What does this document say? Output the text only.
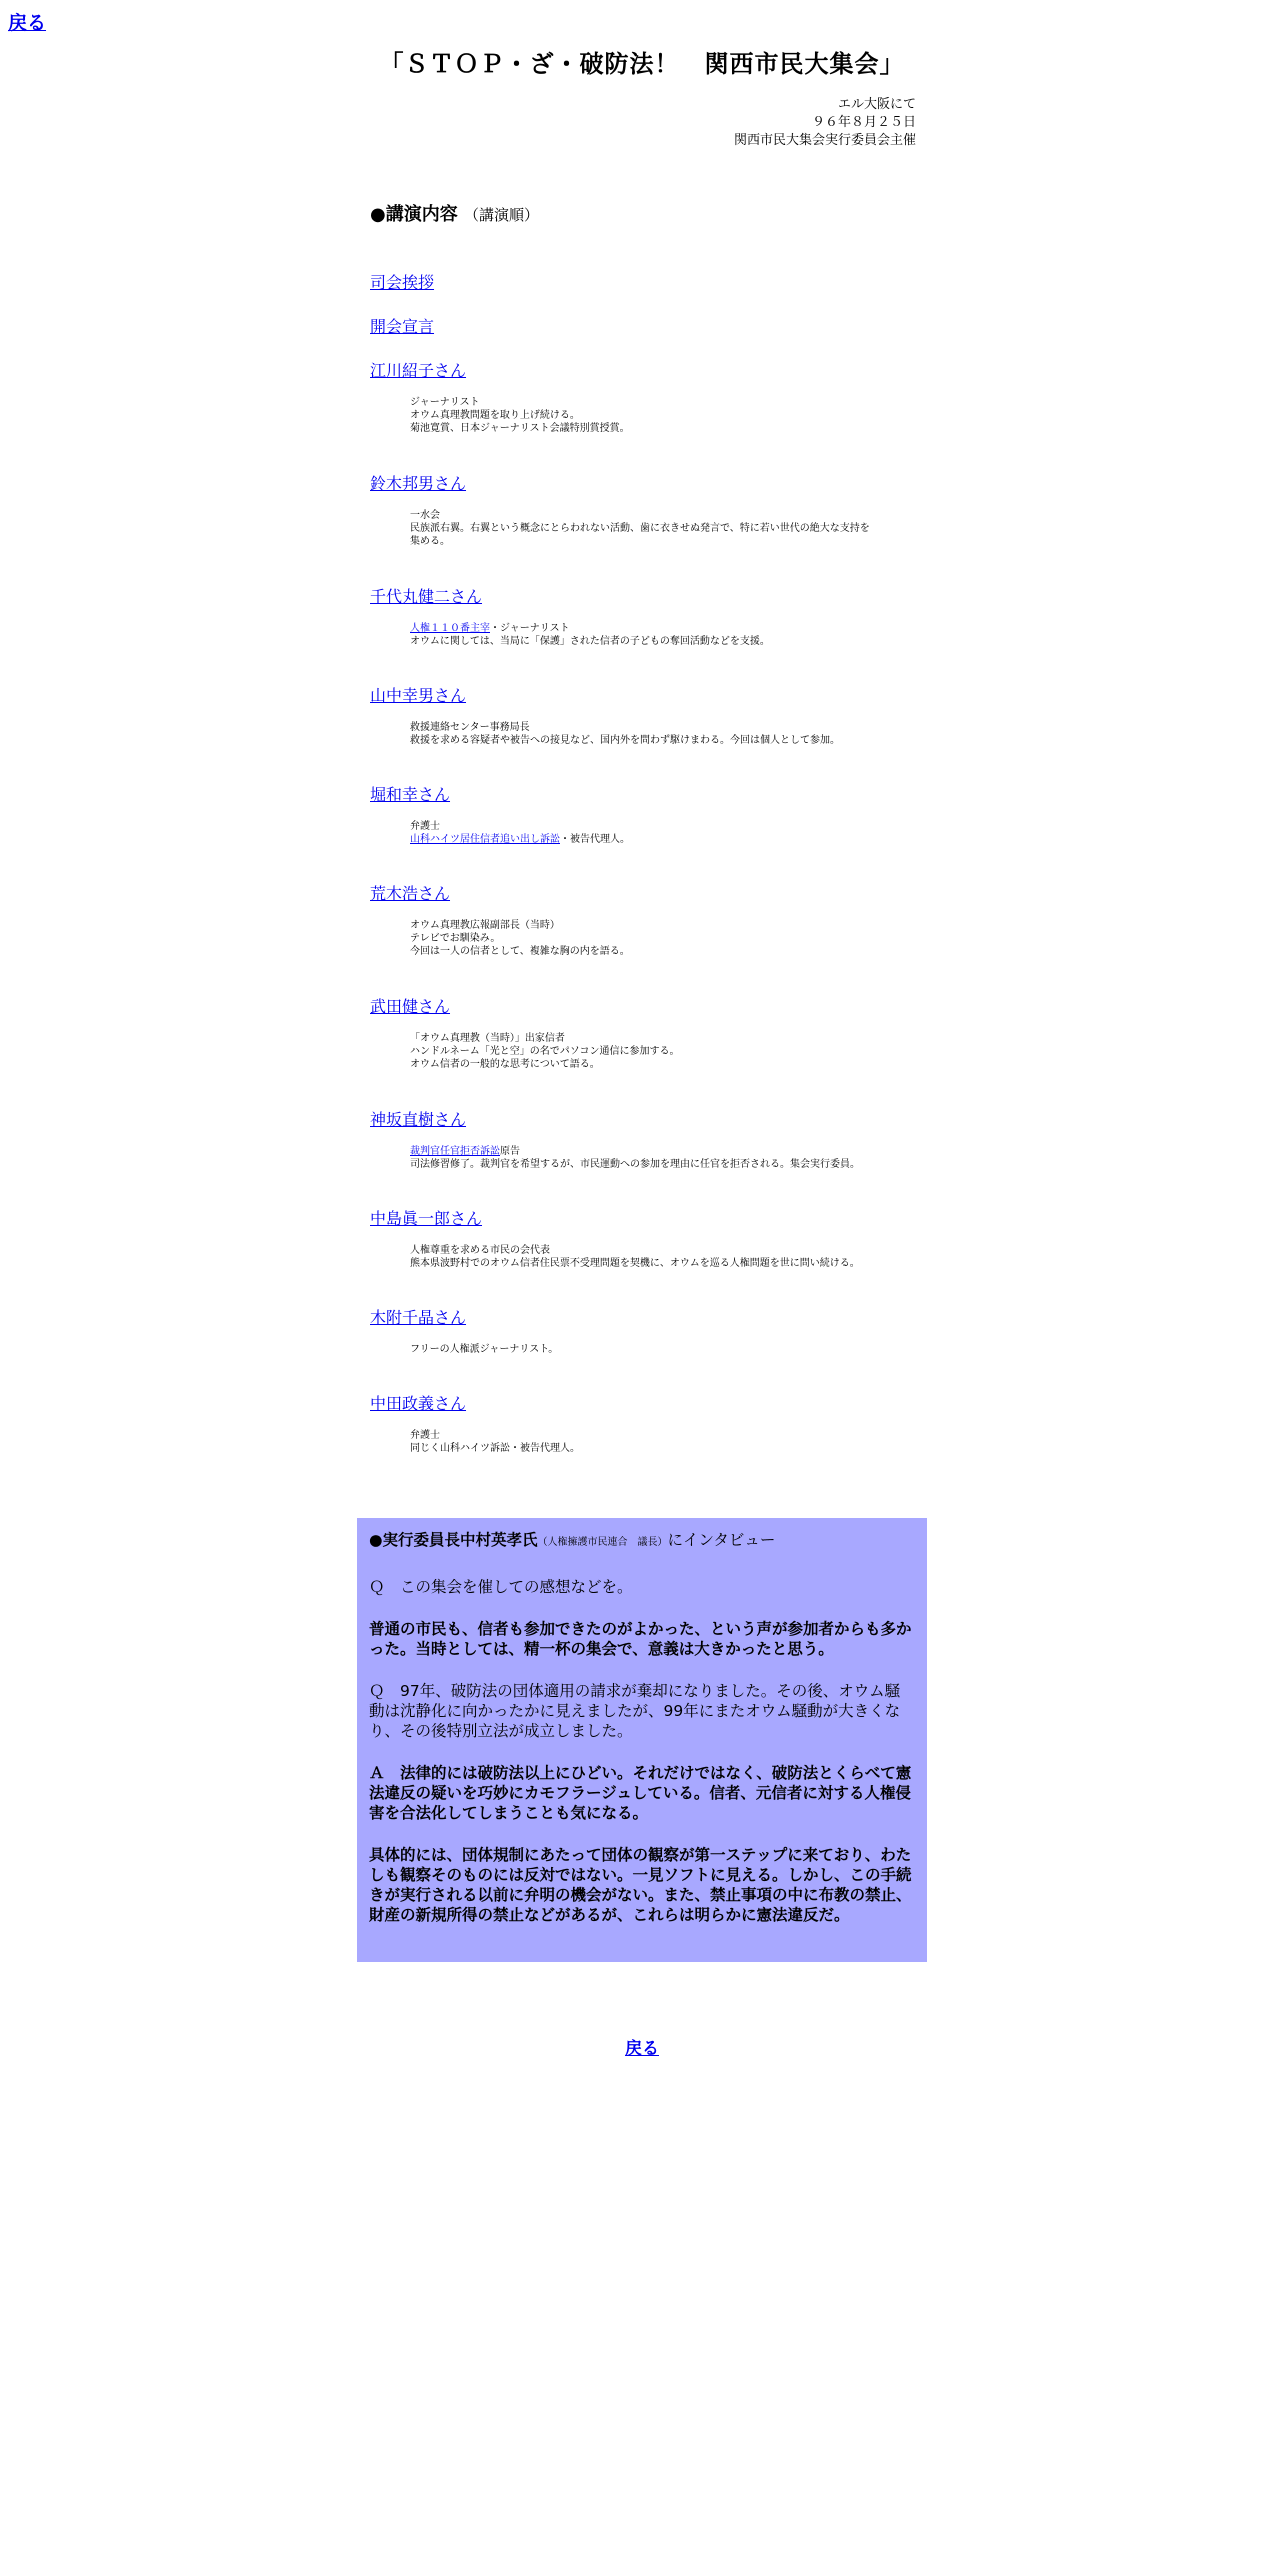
戻る
「ＳＴＯＰ・ざ・破防法！　関西市民大集会」
エル大阪にて
９６年８月２５日
関西市民大集会実行委員会主催
●講演内容 （講演順）
司会挨拶
開会宣言
江川紹子さん
ジャーナリスト
オウム真理教問題を取り上げ続ける。
菊池寛賞、日本ジャーナリスト会議特別賞授賞。
鈴木邦男さん
一水会
民族派右翼。右翼という概念にとらわれない活動、歯に衣きせぬ発言で、特に若い世代の絶大な支持を
集める。
千代丸健二さん
人権１１０番主宰・ジャーナリスト
オウムに関しては、当局に「保護」された信者の子どもの奪回活動などを支援。
山中幸男さん
救援連絡センター事務局長
救援を求める容疑者や被告への接見など、国内外を問わず駆けまわる。今回は個人として参加。
堀和幸さん
弁護士
山科ハイツ居住信者追い出し訴訟・被告代理人。
荒木浩さん
オウム真理教広報副部長（当時）
テレビでお馴染み。
今回は一人の信者として、複雑な胸の内を語る。
武田健さん
「オウム真理教（当時）」出家信者
ハンドルネーム「光と空」の名でパソコン通信に参加する。
オウム信者の一般的な思考について語る。
神坂直樹さん
裁判官任官拒否訴訟原告
司法修習修了。裁判官を希望するが、市民運動への参加を理由に任官を拒否される。集会実行委員。
中島眞一郎さん
人権尊重を求める市民の会代表
熊本県波野村でのオウム信者住民票不受理問題を契機に、オウムを巡る人権問題を世に問い続ける。
木附千晶さん
フリーの人権派ジャーナリスト。
中田政義さん
弁護士
同じく山科ハイツ訴訟・被告代理人。

●実行委員長中村英孝氏（人権擁護市民連合　議長）にインタビュー

Ｑ　この集会を催しての感想などを。

普通の市民も、信者も参加できたのがよかった、という声が参加者からも多かった。当時としては、精一杯の集会で、意義は大きかったと思う。

Ｑ　97年、破防法の団体適用の請求が棄却になりました。その後、オウム騒動は沈静化に向かったかに見えましたが、99年にまたオウム騒動が大きくなり、その後特別立法が成立しました。

Ａ　法律的には破防法以上にひどい。それだけではなく、破防法とくらべて憲法違反の疑いを巧妙にカモフラージュしている。信者、元信者に対する人権侵害を合法化してしまうことも気になる。

具体的には、団体規制にあたって団体の観察が第一ステップに来ており、わたしも観察そのものには反対ではない。一見ソフトに見える。しかし、この手続きが実行される以前に弁明の機会がない。また、禁止事項の中に布教の禁止、財産の新規所得の禁止などがあるが、これらは明らかに憲法違反だ。

戻る
